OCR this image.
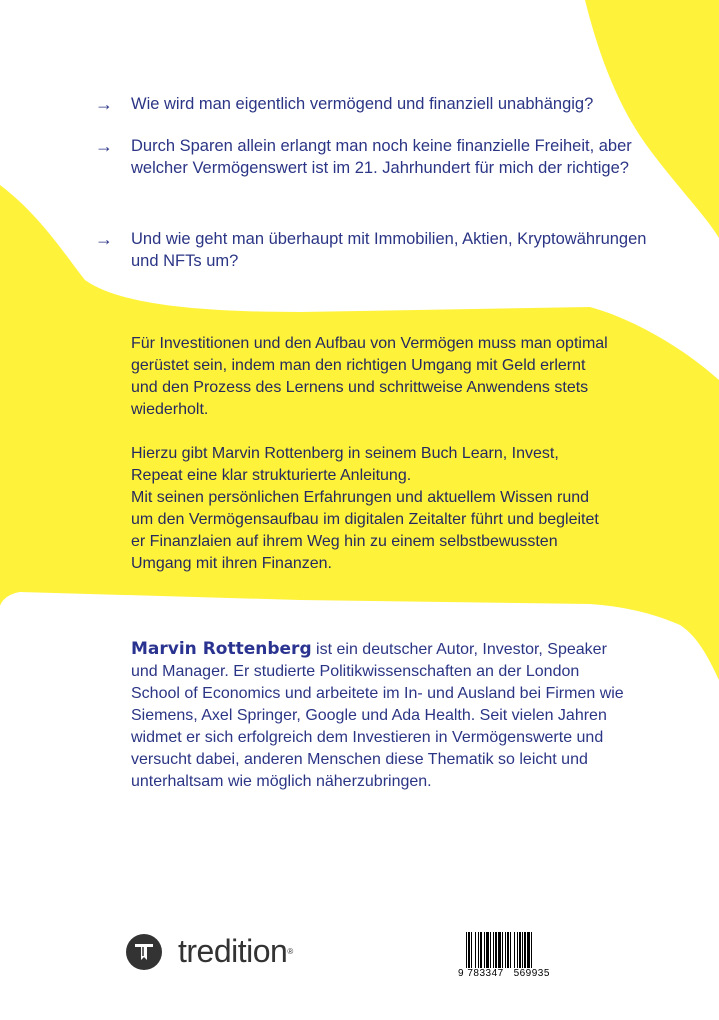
→ Wie wird man eigentlich vermögend und finanziell unabhängig?
→ Durch Sparen allein erlangt man noch keine finanzielle Freiheit, aber welcher Vermögenswert ist im 21. Jahrhundert für mich der richtige?
→ Und wie geht man überhaupt mit Immobilien, Aktien, Kryptowährungen und NFTs um?
Für Investitionen und den Aufbau von Vermögen muss man optimal gerüstet sein, indem man den richtigen Umgang mit Geld erlernt und den Prozess des Lernens und schrittweise Anwendens stets wiederholt.
Hierzu gibt Marvin Rottenberg in seinem Buch Learn, Invest, Repeat eine klar strukturierte Anleitung.
Mit seinen persönlichen Erfahrungen und aktuellem Wissen rund um den Vermögensaufbau im digitalen Zeitalter führt und begleitet er Finanzlaien auf ihrem Weg hin zu einem selbstbewussten Umgang mit ihren Finanzen.
Marvin Rottenberg ist ein deutscher Autor, Investor, Speaker und Manager. Er studierte Politikwissenschaften an der London School of Economics und arbeitete im In- und Ausland bei Firmen wie Siemens, Axel Springer, Google und Ada Health. Seit vielen Jahren widmet er sich erfolgreich dem Investieren in Vermögenswerte und versucht dabei, anderen Menschen diese Thematik so leicht und unterhaltsam wie möglich näherzubringen.
tredition ®
9 783347 569935
